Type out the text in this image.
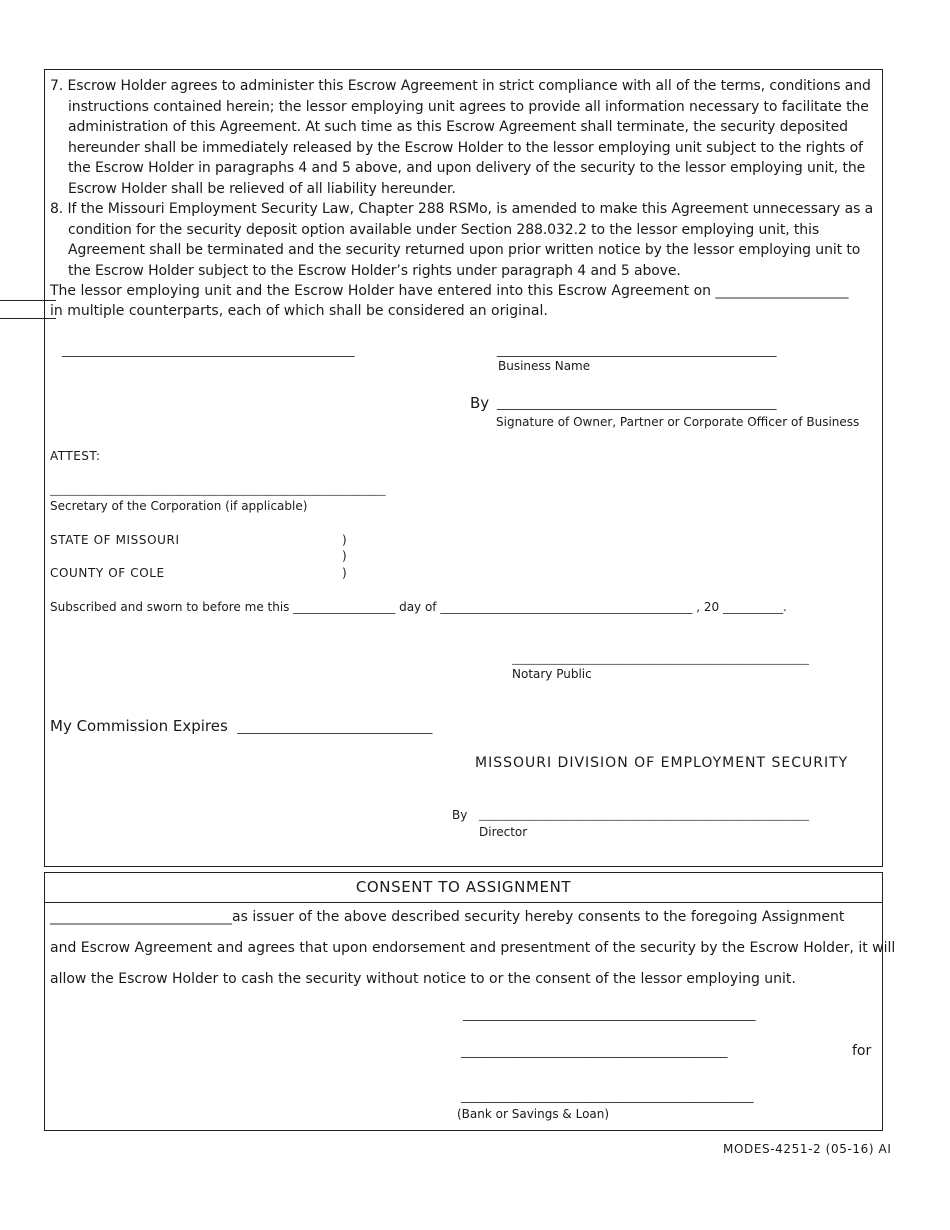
7. Escrow Holder agrees to administer this Escrow Agreement in strict compliance with all of the terms, conditions and instructions contained herein; the lessor employing unit agrees to provide all information necessary to facilitate the administration of this Agreement. At such time as this Escrow Agreement shall terminate, the security deposited hereunder shall be immediately released by the Escrow Holder to the lessor employing unit subject to the rights of the Escrow Holder in paragraphs 4 and 5 above, and upon delivery of the security to the lessor employing unit, the Escrow Holder shall be relieved of all liability hereunder.
8. If the Missouri Employment Security Law, Chapter 288 RSMo, is amended to make this Agreement unnecessary as a condition for the security deposit option available under Section 288.032.2 to the lessor employing unit, this Agreement shall be terminated and the security returned upon prior written notice by the lessor employing unit to the Escrow Holder subject to the Escrow Holder’s rights under paragraph 4 and 5 above.
The lessor employing unit and the Escrow Holder have entered into this Escrow Agreement on ___________________
in multiple counterparts, each of which shall be considered an original.
_____________________________________________	___________________________________________
Business Name
By ___________________________________________
Signature of Owner, Partner or Corporate Officer of Business
ATTEST:
_____________________________________________________________
Secretary of the Corporation (if applicable)
STATE OF MISSOURI	)
)
COUNTY OF COLE	)
Subscribed and sworn to before me this _________________ day of __________________________________________ , 20 __________.
______________________________________________________
Notary Public
My Commission Expires ______________________________
MISSOURI DIVISION OF EMPLOYMENT SECURITY
By ____________________________________________________________
Director
CONSENT TO ASSIGNMENT
__________________________as issuer of the above described security hereby consents to the foregoing Assignment
and Escrow Agreement and agrees that upon endorsement and presentment of the security by the Escrow Holder, it will
allow the Escrow Holder to cash the security without notice to or the consent of the lessor employing unit.
_____________________________________________
_________________________________________	for
_____________________________________________
(Bank or Savings & Loan)
MODES-4251-2 (05-16) AI
